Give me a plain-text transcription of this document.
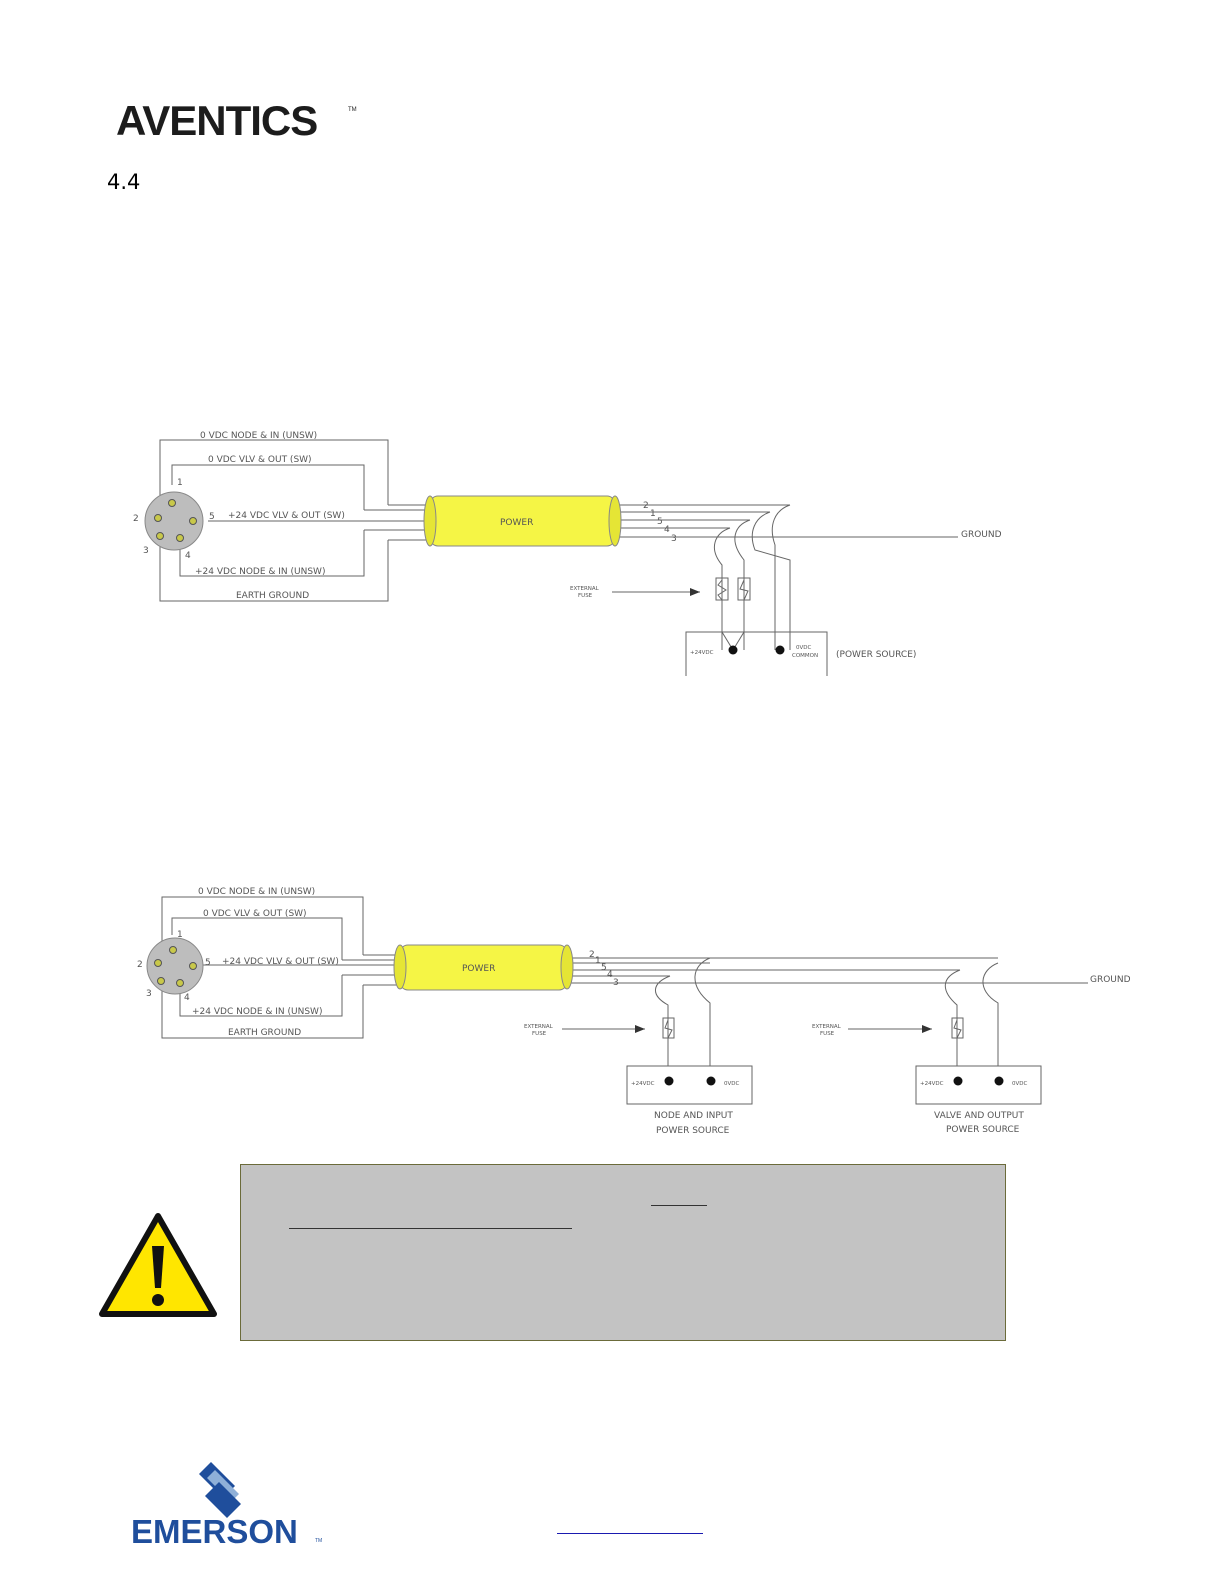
AVENTICS	TM
4.4
0 VDC NODE & IN (UNSW)
0 VDC VLV & OUT (SW)
+24 VDC VLV & OUT (SW)
+24 VDC NODE & IN (UNSW)
EARTH GROUND
POWER
GROUND
(POWER SOURCE)
1
2
3	4
5
2
1
5
4
3
EXTERNAL
FUSE
+24VDC
0VDC
COMMON
0 VDC NODE & IN (UNSW)
0 VDC VLV & OUT (SW)
+24 VDC VLV & OUT (SW)
+24 VDC NODE & IN (UNSW)
EARTH GROUND
POWER
GROUND
NODE AND INPUT
POWER SOURCE
VALVE AND OUTPUT
POWER SOURCE
1
2
3	4
5
2
1
5
4
3
EXTERNAL
FUSE
EXTERNAL
FUSE
+24VDC	0VDC	+24VDC	0VDC
EMERSON	TM
